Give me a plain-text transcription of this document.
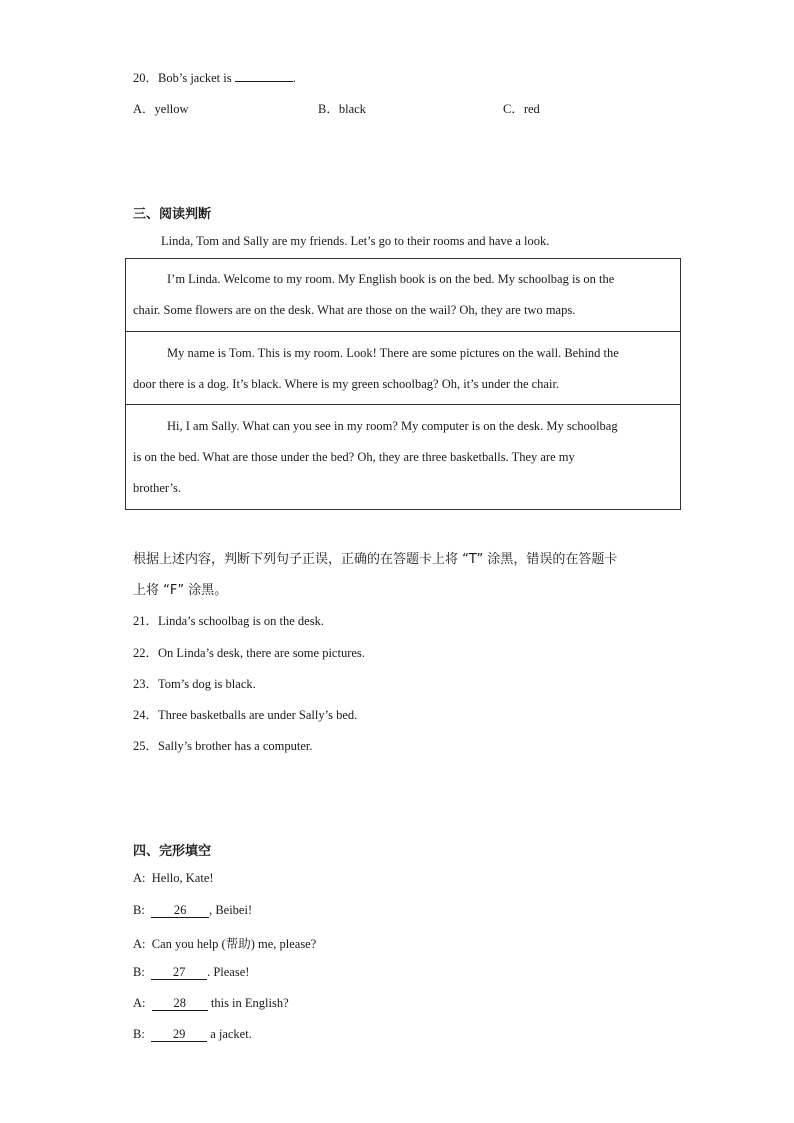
20．Bob’s jacket is	.
A．yellow	B．black	C．red
三、阅读判断
Linda, Tom and Sally are my friends. Let’s go to their rooms and have a look.
I’m Linda. Welcome to my room. My English book is on the bed. My schoolbag is on the
chair. Some flowers are on the desk. What are those on the wail? Oh, they are two maps.
My name is Tom. This is my room. Look! There are some pictures on the wall. Behind the
door there is a dog. It’s black. Where is my green schoolbag? Oh, it’s under the chair.
Hi, I am Sally. What can you see in my room? My computer is on the desk. My schoolbag
is on the bed. What are those under the bed? Oh, they are three basketballs. They are my
brother’s.
根据上述内容，判断下列句子正误，正确的在答题卡上将 “T” 涂黑，错误的在答题卡
上将 “F” 涂黑。
21．Linda’s schoolbag is on the desk.
22．On Linda’s desk, there are some pictures.
23．Tom’s dog is black.
24．Three basketballs are under Sally’s bed.
25．Sally’s brother has a computer.
四、完形填空
A: Hello, Kate!
B: 26 , Beibei!
A: Can you help (帮助) me, please?
B: 27 . Please!
A: 28 this in English?
B: 29 a jacket.
